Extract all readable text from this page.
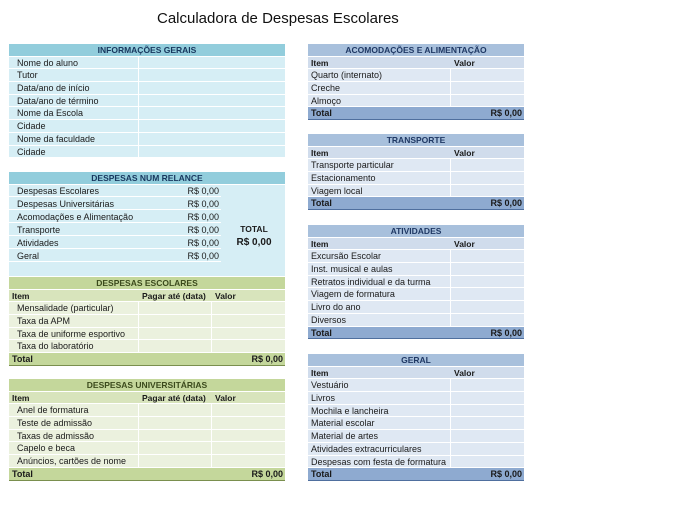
Calculadora de Despesas Escolares
INFORMAÇÕES GERAIS
Nome do aluno
Tutor
Data/ano de início
Data/ano de término
Nome da Escola
Cidade
Nome da faculdade
Cidade
DESPESAS NUM RELANCE
Despesas Escolares	R$ 0,00
Despesas Universitárias	R$ 0,00
Acomodações e Alimentação	R$ 0,00
Transporte	R$ 0,00
Atividades	R$ 0,00
Geral	R$ 0,00
TOTAL
R$ 0,00
DESPESAS ESCOLARES
Item	Pagar até (data)	Valor
Mensalidade (particular)
Taxa da APM
Taxa de uniforme esportivo
Taxa do laboratório
Total	R$ 0,00
DESPESAS UNIVERSITÁRIAS
Item	Pagar até (data)	Valor
Anel de formatura
Teste de admissão
Taxas de admissão
Capelo e beca
Anúncios, cartões de nome
Total	R$ 0,00
ACOMODAÇÕES E ALIMENTAÇÃO
Item	Valor
Quarto (internato)
Creche
Almoço
Total	R$ 0,00
TRANSPORTE
Item	Valor
Transporte particular
Estacionamento
Viagem local
Total	R$ 0,00
ATIVIDADES
Item	Valor
Excursão Escolar
Inst. musical e aulas
Retratos individual e da turma
Viagem de formatura
Livro do ano
Diversos
Total	R$ 0,00
GERAL
Item	Valor
Vestuário
Livros
Mochila e lancheira
Material escolar
Material de artes
Atividades extracurriculares
Despesas com festa de formatura
Total	R$ 0,00
